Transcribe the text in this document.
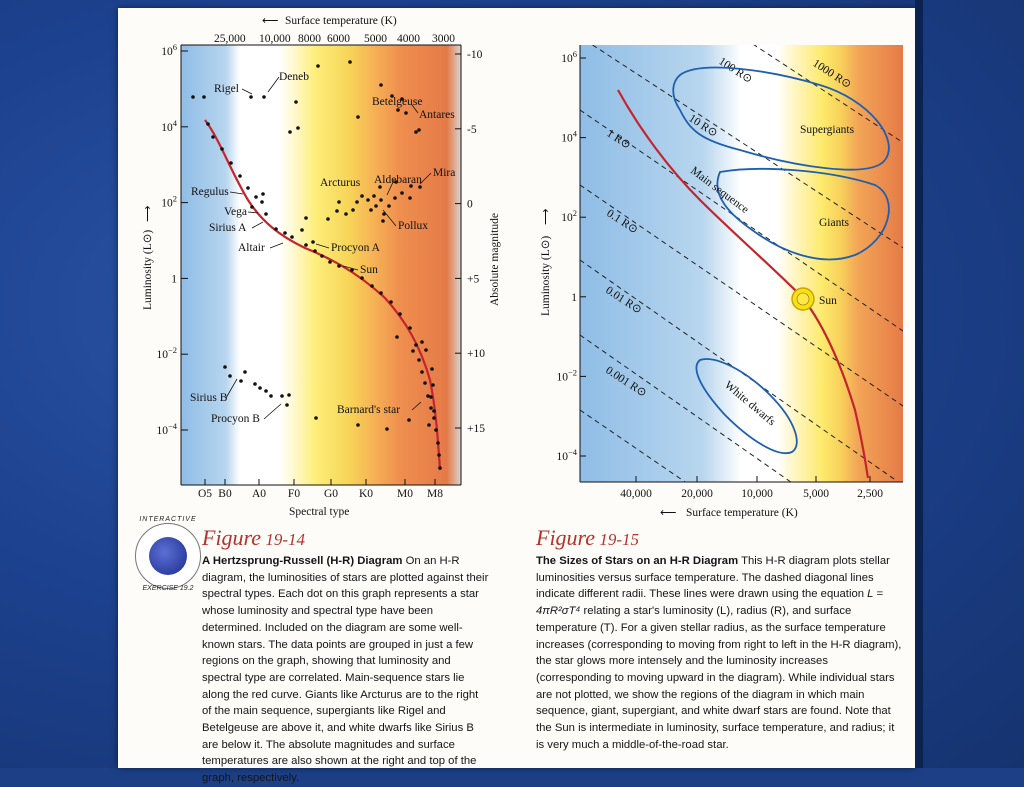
⟵ Surface temperature (K)
25,000 10,000 8000 6000 5000 4000 3000
$10^6$
$10^4$
$10^2$
1
$10^{-2}$
$10^{-4}$
-10
-5
0
+5
+10
+15
O5 B0 A0 F0 G0 K0 M0 M8
Luminosity (L⊙)
⟶	Absolute magnitude
Spectral type
Rigel
Deneb
Betelgeuse
Antares
Arcturus Aldebaran
Mira
Regulus
Vega
Sirius A	Pollux
Altair	Procyon A
Sun
Sirius B
Procyon B
Barnard's star
1000 R⊙
100 R⊙
10 R⊙
1 R⊙
0.1 R⊙
0.01 R⊙
0.001 R⊙
Supergiants
Giants
Main sequence
White dwarfs
Sun
$10^6$
$10^4$
$10^2$
1
$10^{-2}$
$10^{-4}$
40,000	20,000 10,000	5,000 2,500
Luminosity (L⊙)
⟶
⟵ Surface temperature (K)
INTERACTIVE
EXERCISE 19.2
Figure 19-14
A Hertzsprung-Russell (H-R) Diagram On an H-R diagram, the luminosities of stars are plotted against their spectral types. Each dot on this graph represents a star whose luminosity and spectral type have been determined. Included on the diagram are some well-known stars. The data points are grouped in just a few regions on the graph, showing that luminosity and spectral type are correlated. Main-sequence stars lie along the red curve. Giants like Arcturus are to the right of the main sequence, supergiants like Rigel and Betelgeuse are above it, and white dwarfs like Sirius B are below it. The absolute magnitudes and surface temperatures are also shown at the right and top of the graph, respectively.
Figure 19-15
The Sizes of Stars on an H-R Diagram This H-R diagram plots stellar luminosities versus surface temperature. The dashed diagonal lines indicate different radii. These lines were drawn using the equation L = 4πR²σT⁴ relating a star's luminosity (L), radius (R), and surface temperature (T). For a given stellar radius, as the surface temperature increases (corresponding to moving from right to left in the H-R diagram), the star glows more intensely and the luminosity increases (corresponding to moving upward in the diagram). While individual stars are not plotted, we show the regions of the diagram in which main sequence, giant, supergiant, and white dwarf stars are found. Note that the Sun is intermediate in luminosity, surface temperature, and radius; it is very much a middle-of-the-road star.
